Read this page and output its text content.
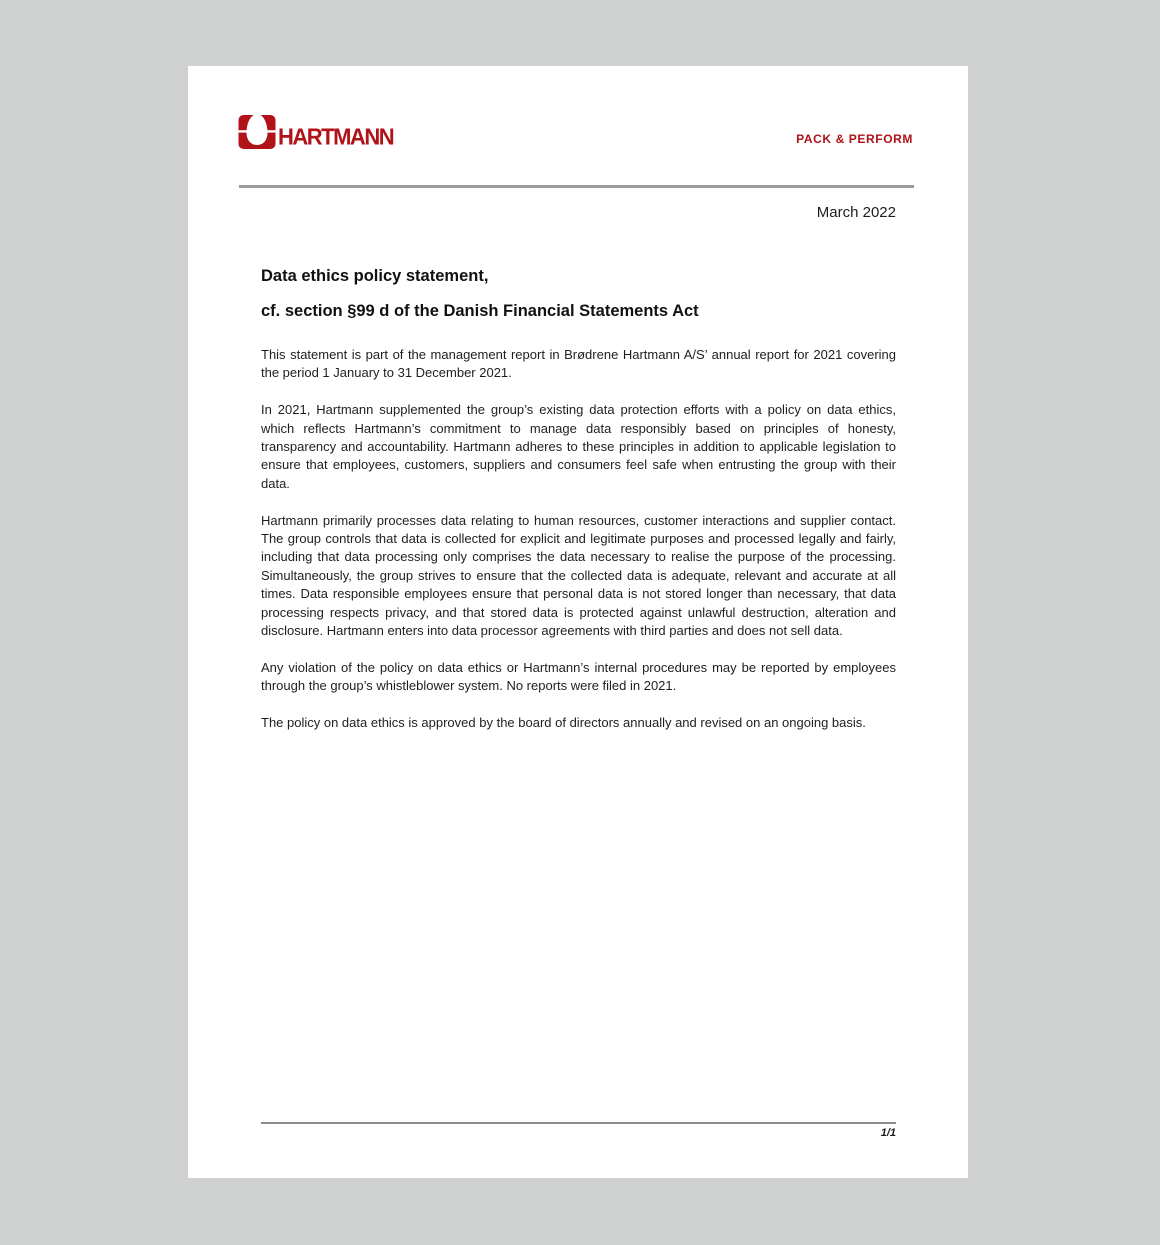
HARTMANN	PACK & PERFORM
March 2022
Data ethics policy statement,
cf. section §99 d of the Danish Financial Statements Act

This statement is part of the management report in Brødrene Hartmann A/S’ annual report for 2021 covering the period 1 January to 31 December 2021.

In 2021, Hartmann supplemented the group’s existing data protection efforts with a policy on data ethics, which reflects Hartmann’s commitment to manage data responsibly based on principles of honesty, transparency and accountability. Hartmann adheres to these principles in addition to applicable legislation to ensure that employees, customers, suppliers and consumers feel safe when entrusting the group with their data.

Hartmann primarily processes data relating to human resources, customer interactions and supplier contact. The group controls that data is collected for explicit and legitimate purposes and processed legally and fairly, including that data processing only comprises the data necessary to realise the purpose of the processing. Simultaneously, the group strives to ensure that the collected data is adequate, relevant and accurate at all times. Data responsible employees ensure that personal data is not stored longer than necessary, that data processing respects privacy, and that stored data is protected against unlawful destruction, alteration and disclosure. Hartmann enters into data processor agreements with third parties and does not sell data.

Any violation of the policy on data ethics or Hartmann’s internal procedures may be reported by employees through the group’s whistleblower system. No reports were filed in 2021.

The policy on data ethics is approved by the board of directors annually and revised on an ongoing basis.

1/1
